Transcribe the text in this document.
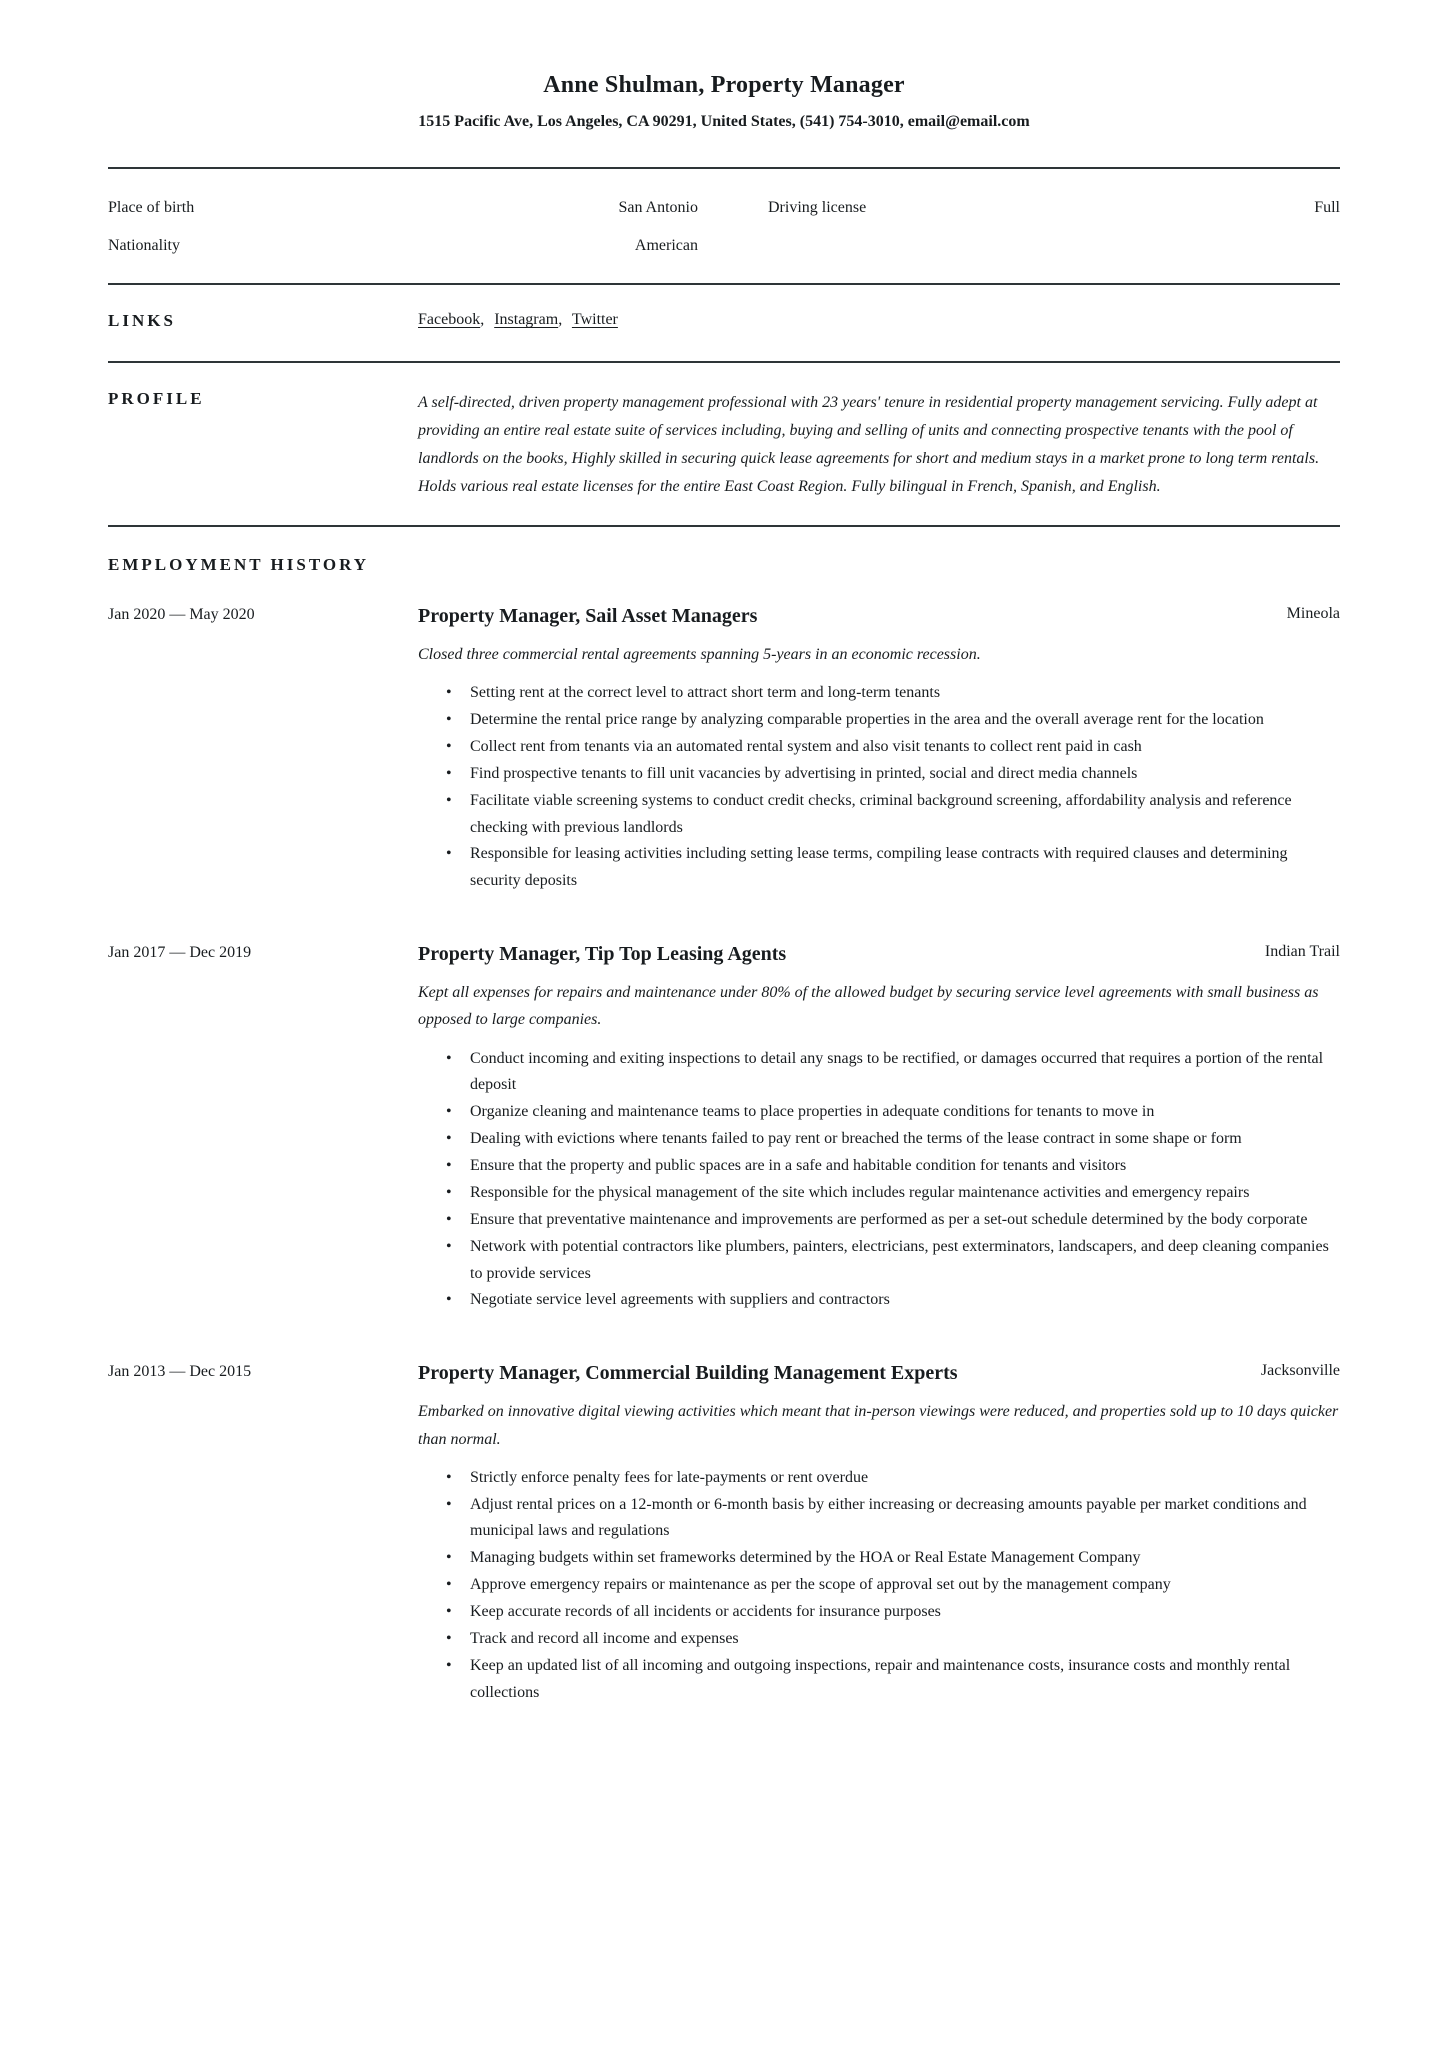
Anne Shulman, Property Manager
1515 Pacific Ave, Los Angeles, CA 90291, United States, (541) 754-3010, email@email.com
Place of birth	San Antonio	Driving license	Full
Nationality	American
LINKS	Facebook, Instagram, Twitter
PROFILE	A self-directed, driven property management professional with 23 years' tenure in residential property management servicing. Fully adept at providing an entire real estate suite of services including, buying and selling of units and connecting prospective tenants with the pool of landlords on the books, Highly skilled in securing quick lease agreements for short and medium stays in a market prone to long term rentals. Holds various real estate licenses for the entire East Coast Region. Fully bilingual in French, Spanish, and English.
EMPLOYMENT HISTORY
Jan 2020 — May 2020	Property Manager, Sail Asset Managers	Mineola
Closed three commercial rental agreements spanning 5-years in an economic recession.
• Setting rent at the correct level to attract short term and long-term tenants
• Determine the rental price range by analyzing comparable properties in the area and the overall average rent for the location
• Collect rent from tenants via an automated rental system and also visit tenants to collect rent paid in cash
• Find prospective tenants to fill unit vacancies by advertising in printed, social and direct media channels
• Facilitate viable screening systems to conduct credit checks, criminal background screening, affordability analysis and reference checking with previous landlords
• Responsible for leasing activities including setting lease terms, compiling lease contracts with required clauses and determining security deposits
Jan 2017 — Dec 2019	Property Manager, Tip Top Leasing Agents	Indian Trail
Kept all expenses for repairs and maintenance under 80% of the allowed budget by securing service level agreements with small business as opposed to large companies.
• Conduct incoming and exiting inspections to detail any snags to be rectified, or damages occurred that requires a portion of the rental deposit
• Organize cleaning and maintenance teams to place properties in adequate conditions for tenants to move in
• Dealing with evictions where tenants failed to pay rent or breached the terms of the lease contract in some shape or form
• Ensure that the property and public spaces are in a safe and habitable condition for tenants and visitors
• Responsible for the physical management of the site which includes regular maintenance activities and emergency repairs
• Ensure that preventative maintenance and improvements are performed as per a set-out schedule determined by the body corporate
• Network with potential contractors like plumbers, painters, electricians, pest exterminators, landscapers, and deep cleaning companies to provide services
• Negotiate service level agreements with suppliers and contractors
Jan 2013 — Dec 2015	Property Manager, Commercial Building Management Experts	Jacksonville
Embarked on innovative digital viewing activities which meant that in-person viewings were reduced, and properties sold up to 10 days quicker than normal.
• Strictly enforce penalty fees for late-payments or rent overdue
• Adjust rental prices on a 12-month or 6-month basis by either increasing or decreasing amounts payable per market conditions and municipal laws and regulations
• Managing budgets within set frameworks determined by the HOA or Real Estate Management Company
• Approve emergency repairs or maintenance as per the scope of approval set out by the management company
• Keep accurate records of all incidents or accidents for insurance purposes
• Track and record all income and expenses
• Keep an updated list of all incoming and outgoing inspections, repair and maintenance costs, insurance costs and monthly rental collections
